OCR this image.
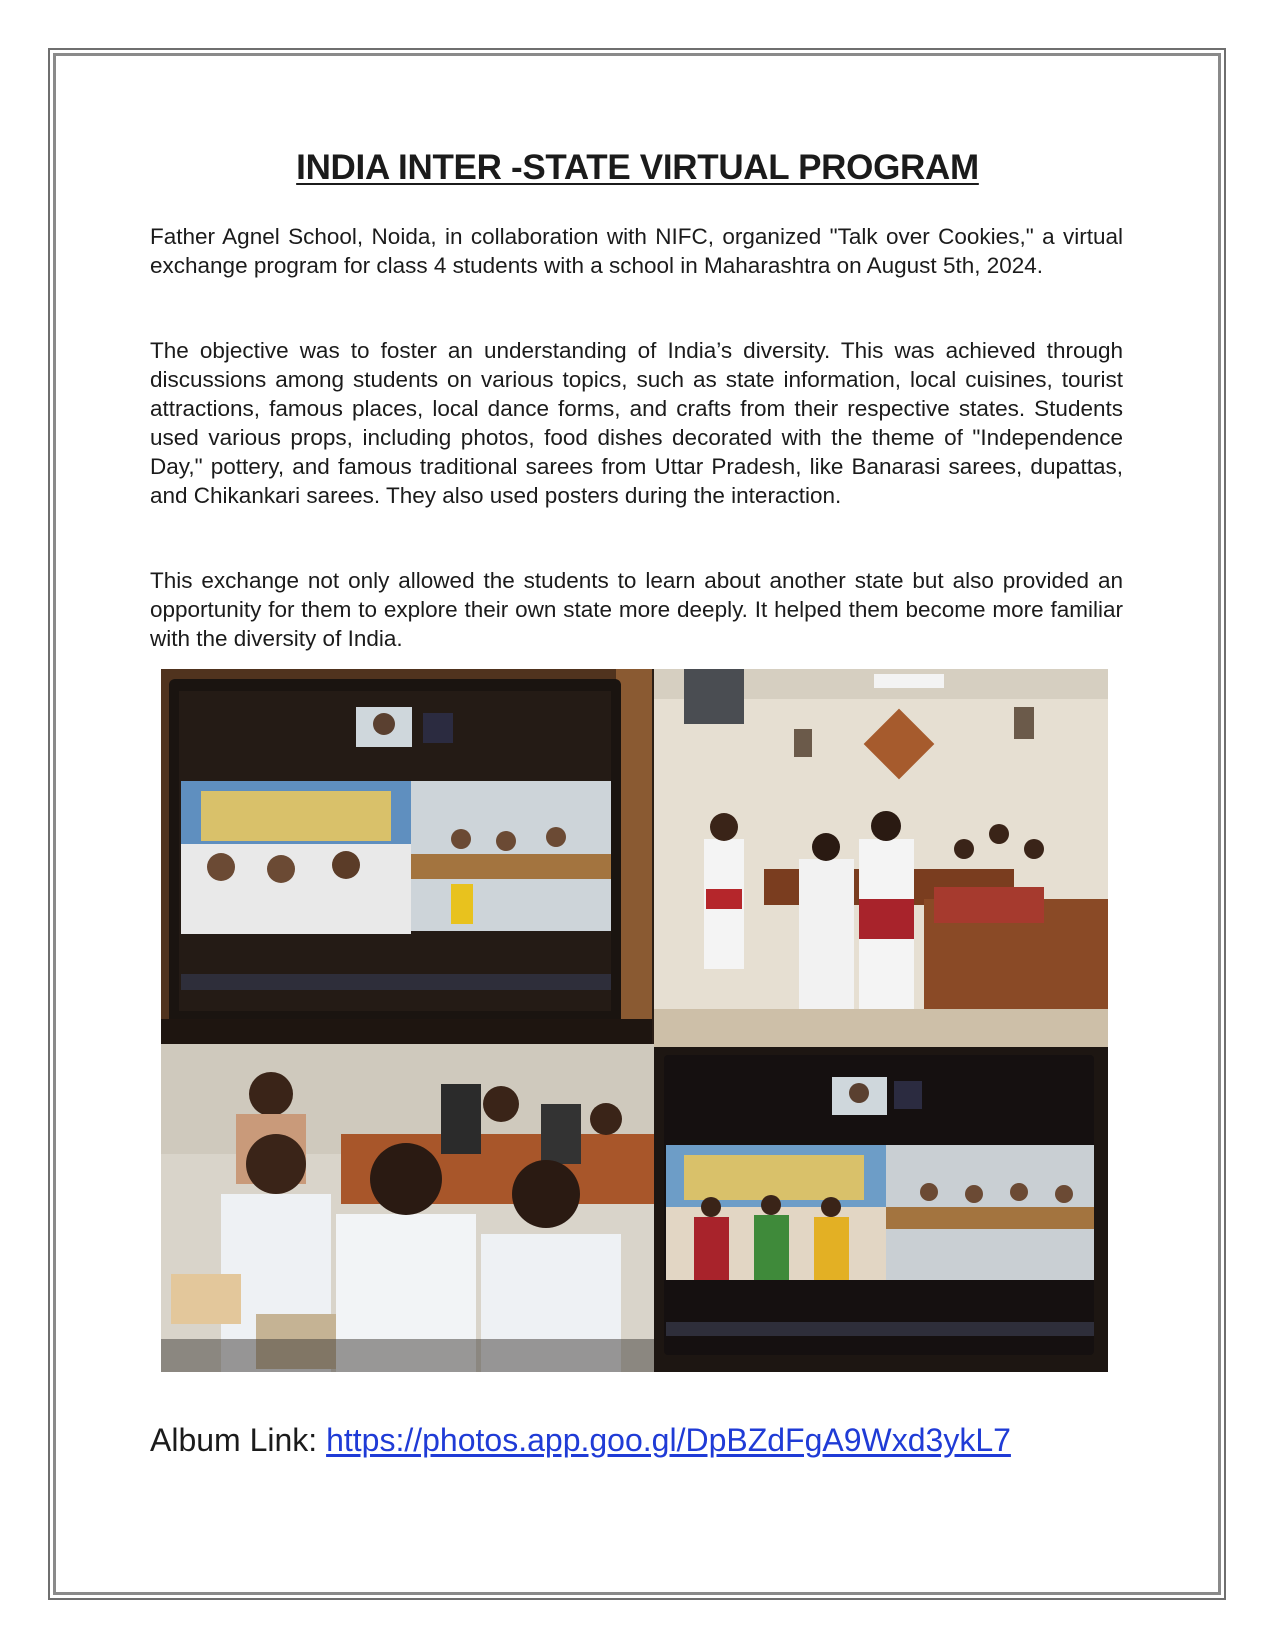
INDIA INTER -STATE VIRTUAL PROGRAM

Father Agnel School, Noida, in collaboration with NIFC, organized "Talk over Cookies," a virtual exchange program for class 4 students with a school in Maharashtra on August 5th, 2024.

The objective was to foster an understanding of India’s diversity. This was achieved through discussions among students on various topics, such as state information, local cuisines, tourist attractions, famous places, local dance forms, and crafts from their respective states. Students used various props, including photos, food dishes decorated with the theme of "Independence Day," pottery, and famous traditional sarees from Uttar Pradesh, like Banarasi sarees, dupattas, and Chikankari sarees. They also used posters during the interaction.

This exchange not only allowed the students to learn about another state but also provided an opportunity for them to explore their own state more deeply. It helped them become more familiar with the diversity of India.

Album Link: https://photos.app.goo.gl/DpBZdFgA9Wxd3ykL7
